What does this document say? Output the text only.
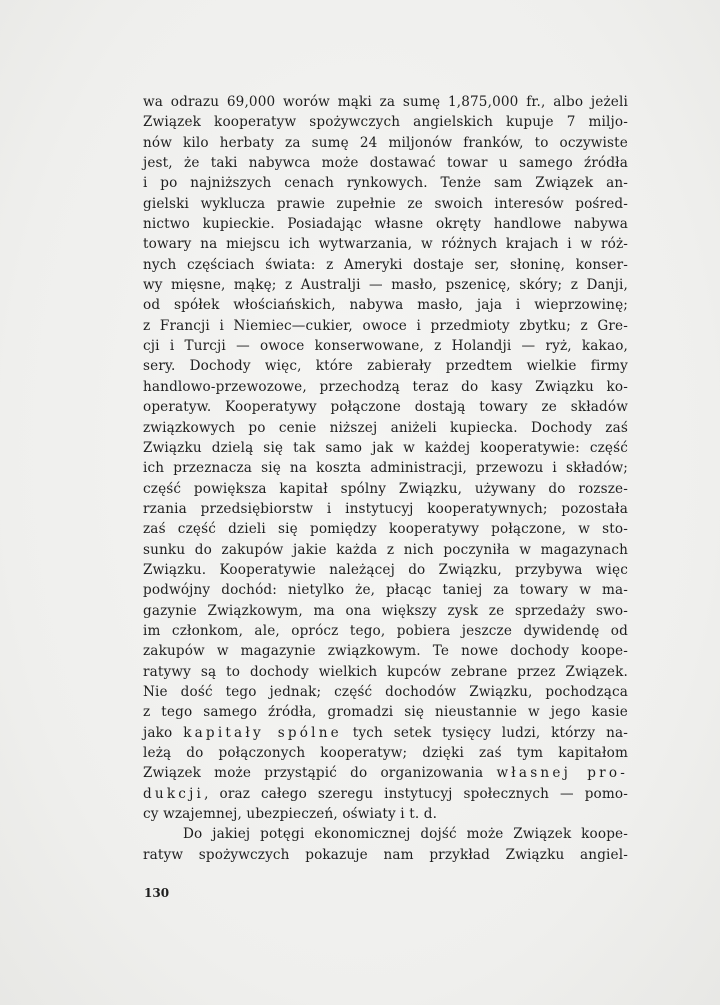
wa odrazu 69,000 worów mąki za sumę 1,875,000 fr., albo jeżeli
Związek kooperatyw spożywczych angielskich kupuje 7 miljo-
nów kilo herbaty za sumę 24 miljonów franków, to oczywiste
jest, że taki nabywca może dostawać towar u samego źródła
i po najniższych cenach rynkowych. Tenże sam Związek an-
gielski wyklucza prawie zupełnie ze swoich interesów pośred-
nictwo kupieckie. Posiadając własne okręty handlowe nabywa
towary na miejscu ich wytwarzania, w różnych krajach i w róż-
nych częściach świata: z Ameryki dostaje ser, słoninę, konser-
wy mięsne, mąkę; z Australji — masło, pszenicę, skóry; z Danji,
od spółek włościańskich, nabywa masło, jaja i wieprzowinę;
z Francji i Niemiec—cukier, owoce i przedmioty zbytku; z Gre-
cji i Turcji — owoce konserwowane, z Holandji — ryż, kakao,
sery. Dochody więc, które zabierały przedtem wielkie firmy
handlowo-przewozowe, przechodzą teraz do kasy Związku ko-
operatyw. Kooperatywy połączone dostają towary ze składów
związkowych po cenie niższej aniżeli kupiecka. Dochody zaś
Związku dzielą się tak samo jak w każdej kooperatywie: część
ich przeznacza się na koszta administracji, przewozu i składów;
część powiększa kapitał spólny Związku, używany do rozsze-
rzania przedsiębiorstw i instytucyj kooperatywnych; pozostała
zaś część dzieli się pomiędzy kooperatywy połączone, w sto-
sunku do zakupów jakie każda z nich poczyniła w magazynach
Związku. Kooperatywie należącej do Związku, przybywa więc
podwójny dochód: nietylko że, płacąc taniej za towary w ma-
gazynie Związkowym, ma ona większy zysk ze sprzedaży swo-
im członkom, ale, oprócz tego, pobiera jeszcze dywidendę od
zakupów w magazynie związkowym. Te nowe dochody koope-
ratywy są to dochody wielkich kupców zebrane przez Związek.
Nie dość tego jednak; część dochodów Związku, pochodząca
z tego samego źródła, gromadzi się nieustannie w jego kasie
jako kapitały spólne tych setek tysięcy ludzi, którzy na-
leżą do połączonych kooperatyw; dzięki zaś tym kapitałom
Związek może przystąpić do organizowania własnej pro-
dukcji, oraz całego szeregu instytucyj społecznych — pomo-
cy wzajemnej, ubezpieczeń, oświaty i t. d.
Do jakiej potęgi ekonomicznej dojść może Związek koope-
ratyw spożywczych pokazuje nam przykład Związku angiel-
130
